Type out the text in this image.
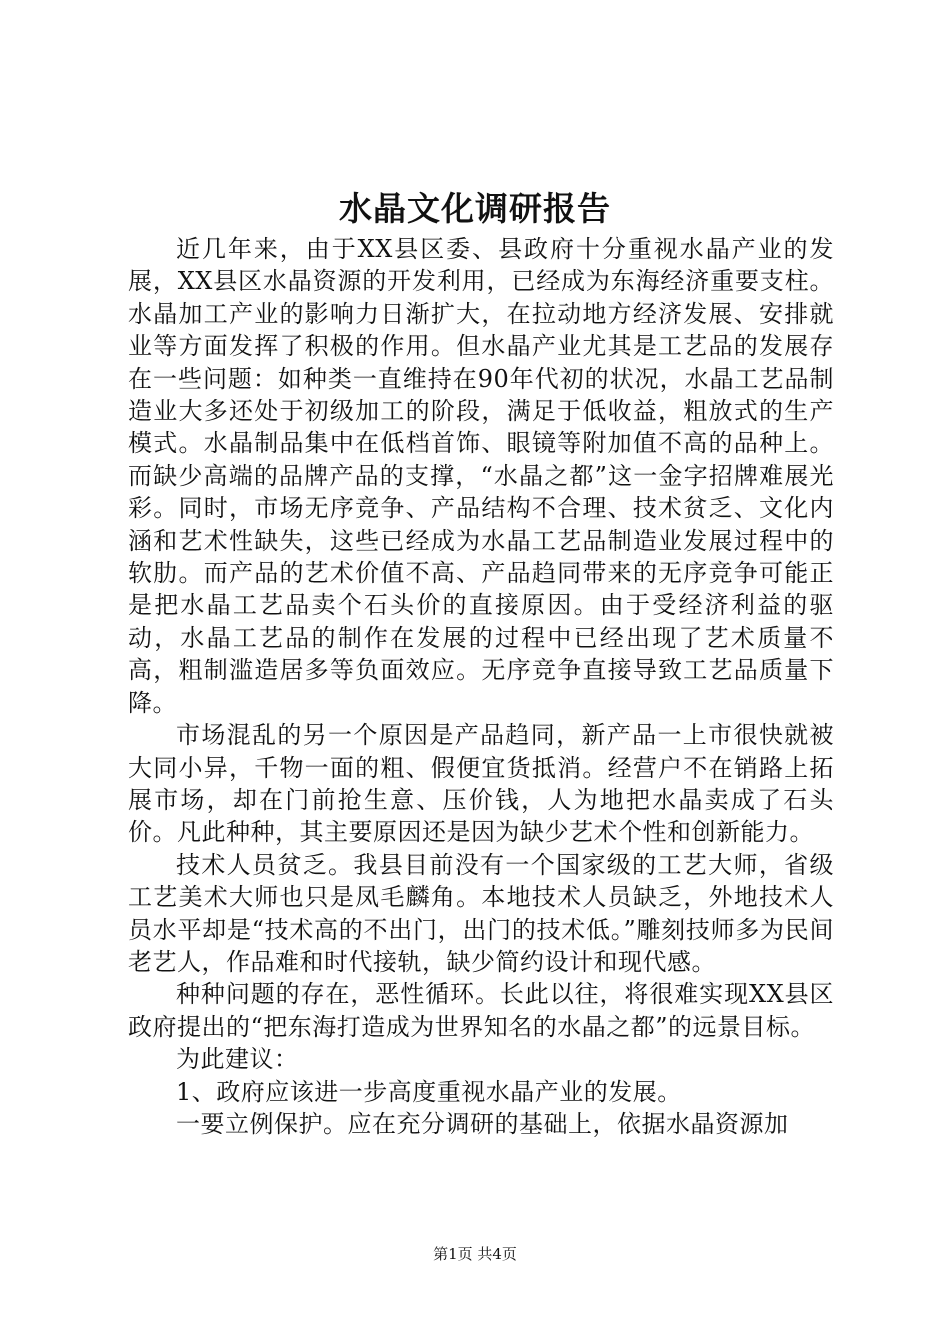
水晶文化调研报告

近几年来，由于XX县区委、县政府十分重视水晶产业的发展，XX县区水晶资源的开发利用，已经成为东海经济重要支柱。水晶加工产业的影响力日渐扩大，在拉动地方经济发展、安排就业等方面发挥了积极的作用。但水晶产业尤其是工艺品的发展存在一些问题：如种类一直维持在90年代初的状况，水晶工艺品制造业大多还处于初级加工的阶段，满足于低收益，粗放式的生产模式。水晶制品集中在低档首饰、眼镜等附加值不高的品种上。而缺少高端的品牌产品的支撑，“水晶之都”这一金字招牌难展光彩。同时，市场无序竞争、产品结构不合理、技术贫乏、文化内涵和艺术性缺失，这些已经成为水晶工艺品制造业发展过程中的软肋。而产品的艺术价值不高、产品趋同带来的无序竞争可能正是把水晶工艺品卖个石头价的直接原因。由于受经济利益的驱动，水晶工艺品的制作在发展的过程中已经出现了艺术质量不高，粗制滥造居多等负面效应。无序竞争直接导致工艺品质量下降。

市场混乱的另一个原因是产品趋同，新产品一上市很快就被大同小异，千物一面的粗、假便宜货抵消。经营户不在销路上拓展市场，却在门前抢生意、压价钱，人为地把水晶卖成了石头价。凡此种种，其主要原因还是因为缺少艺术个性和创新能力。

技术人员贫乏。我县目前没有一个国家级的工艺大师，省级工艺美术大师也只是凤毛麟角。本地技术人员缺乏，外地技术人员水平却是“技术高的不出门，出门的技术低。”雕刻技师多为民间老艺人，作品难和时代接轨，缺少简约设计和现代感。

种种问题的存在，恶性循环。长此以往，将很难实现XX县区政府提出的“把东海打造成为世界知名的水晶之都”的远景目标。

为此建议：

1、政府应该进一步高度重视水晶产业的发展。

一要立例保护。应在充分调研的基础上，依据水晶资源加

第1页 共4页
